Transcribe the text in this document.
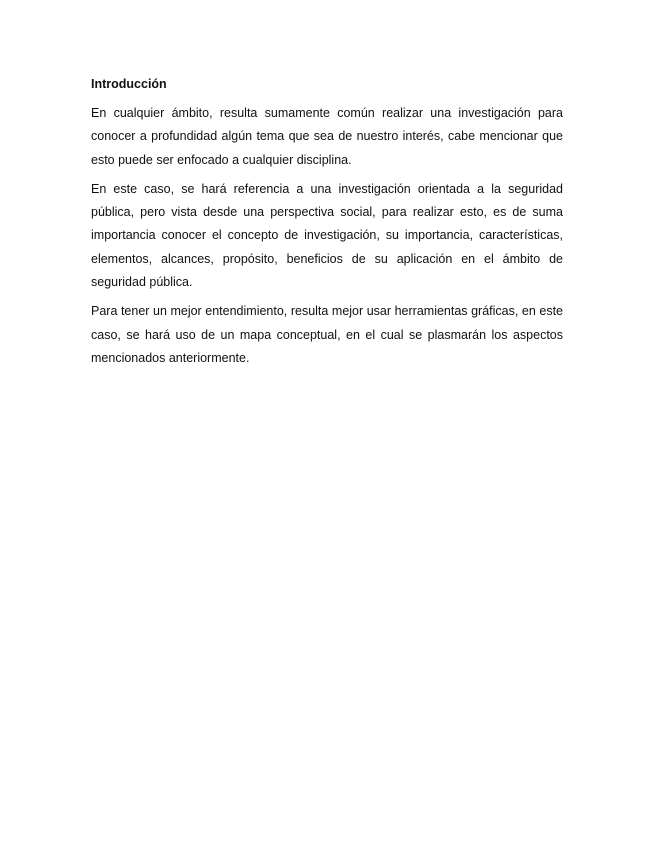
Introducción

En cualquier ámbito, resulta sumamente común realizar una investigación para conocer a profundidad algún tema que sea de nuestro interés, cabe mencionar que esto puede ser enfocado a cualquier disciplina.

En este caso, se hará referencia a una investigación orientada a la seguridad pública, pero vista desde una perspectiva social, para realizar esto, es de suma importancia conocer el concepto de investigación, su importancia, características, elementos, alcances, propósito, beneficios de su aplicación en el ámbito de seguridad pública.

Para tener un mejor entendimiento, resulta mejor usar herramientas gráficas, en este caso, se hará uso de un mapa conceptual, en el cual se plasmarán los aspectos mencionados anteriormente.
